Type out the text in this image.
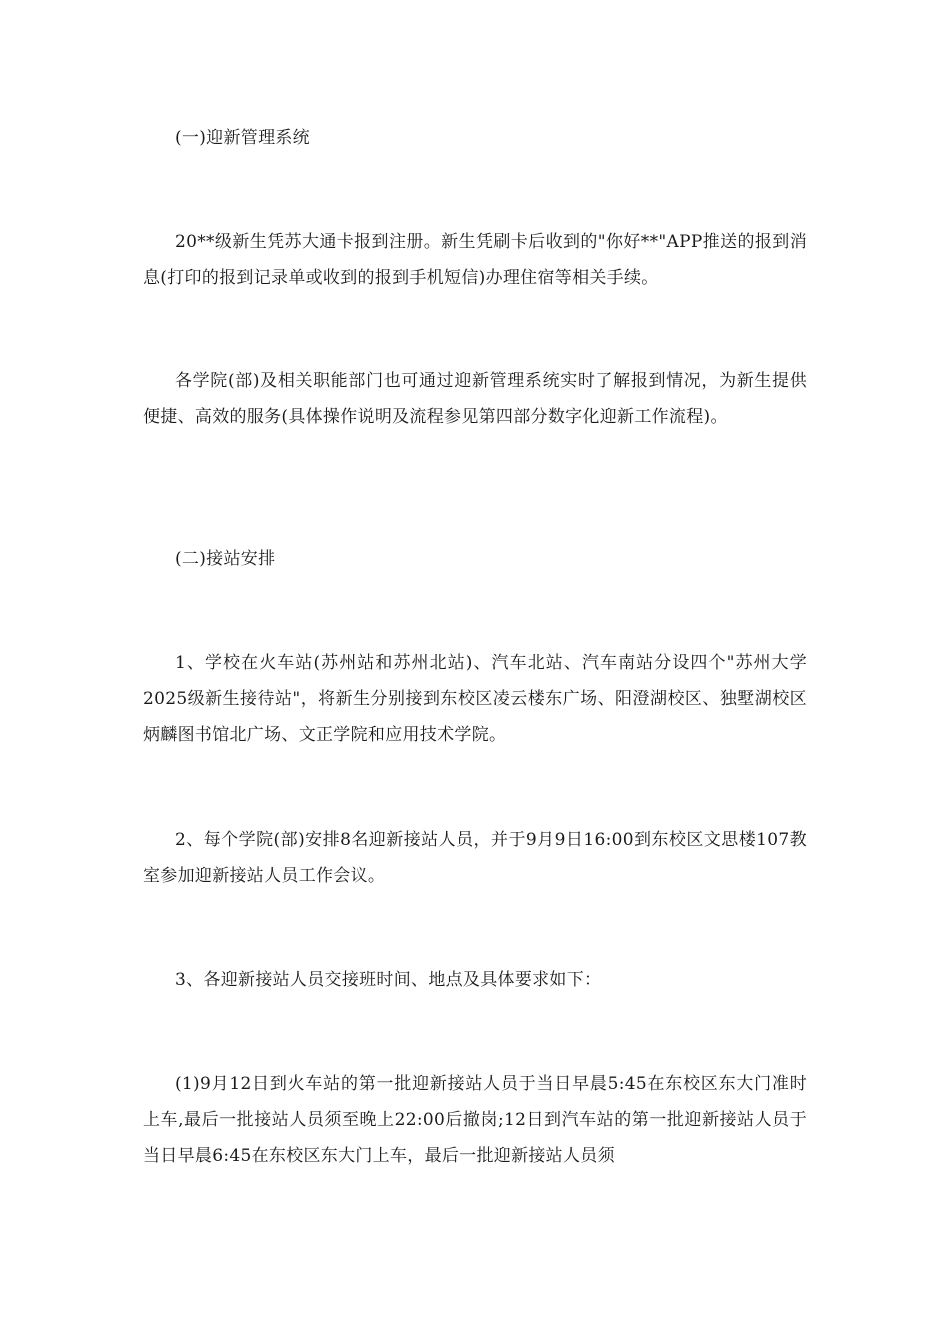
(一)迎新管理系统

20**级新生凭苏大通卡报到注册。新生凭刷卡后收到的"你好**"APP推送的报到消息(打印的报到记录单或收到的报到手机短信)办理住宿等相关手续。

各学院(部)及相关职能部门也可通过迎新管理系统实时了解报到情况，为新生提供便捷、高效的服务(具体操作说明及流程参见第四部分数字化迎新工作流程)。

(二)接站安排

1、学校在火车站(苏州站和苏州北站)、汽车北站、汽车南站分设四个"苏州大学2025级新生接待站"，将新生分别接到东校区凌云楼东广场、阳澄湖校区、独墅湖校区炳麟图书馆北广场、文正学院和应用技术学院。

2、每个学院(部)安排8名迎新接站人员，并于9月9日16:00到东校区文思楼107教室参加迎新接站人员工作会议。

3、各迎新接站人员交接班时间、地点及具体要求如下：

(1)9月12日到火车站的第一批迎新接站人员于当日早晨5:45在东校区东大门准时上车,最后一批接站人员须至晚上22:00后撤岗;12日到汽车站的第一批迎新接站人员于当日早晨6:45在东校区东大门上车，最后一批迎新接站人员须
